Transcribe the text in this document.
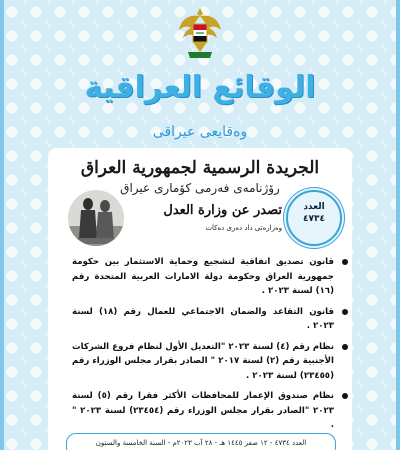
الوقائع العراقية
وەقایعی عیراقی
الجريدة الرسمية لجمهورية العراق
رۆژنامەی فەرمی کۆماری عیراق
تصدر عن وزارة العدل
وەزارەتی داد دەری دەکات
العدد
٤٧٣٤
قانون تصديق اتفاقية لتشجيع وحماية الاستثمار بين حكومة جمهورية العراق وحكومة دولة الامارات العربية المتحدة رقم (١٦) لسنة ٢٠٢٣ .
قانون التقاعد والضمان الاجتماعي للعمال رقم (١٨) لسنة ٢٠٢٣ .
نظام رقم (٤) لسنة ٢٠٢٣ "التعديل الأول لنظام فروع الشركات الأجنبية رقم (٢) لسنة ٢٠١٧ " الصادر بقرار مجلس الوزراء رقم (٢٣٤٥٥) لسنة ٢٠٢٣ .
نظام صندوق الإعمار للمحافظات الأكثر فقرا رقم (٥) لسنة ٢٠٢٣ "الصادر بقرار مجلس الوزراء رقم (٢٣٤٥٤) لسنة ٢٠٢٣ " .
العدد ٤٧٣٤ - ١٢ صفر ١٤٤٥ هـ - ٢٨ آب ٢٠٢٣م - السنة الخامسة والستون
